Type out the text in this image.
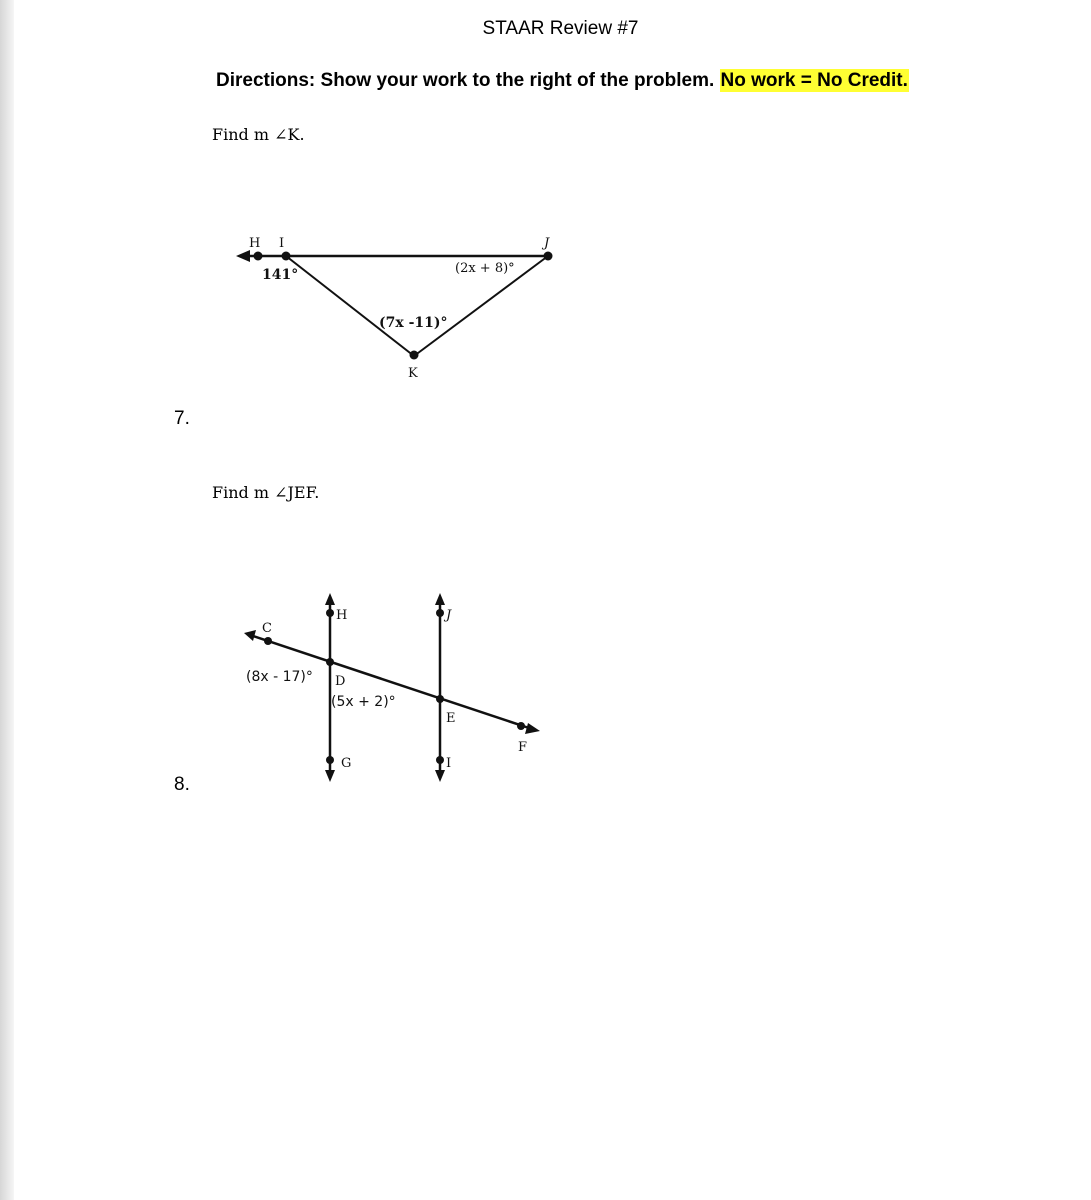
STAAR Review #7
Directions: Show your work to the right of the problem. No work = No Credit.
Find m ∠K.
7.
H I	J
K
141°	(2x + 8)°
(7x -11)°
Find m ∠JEF.
8.
C
H	J
D
E
F
G	I
(8x - 17)°
(5x + 2)°
